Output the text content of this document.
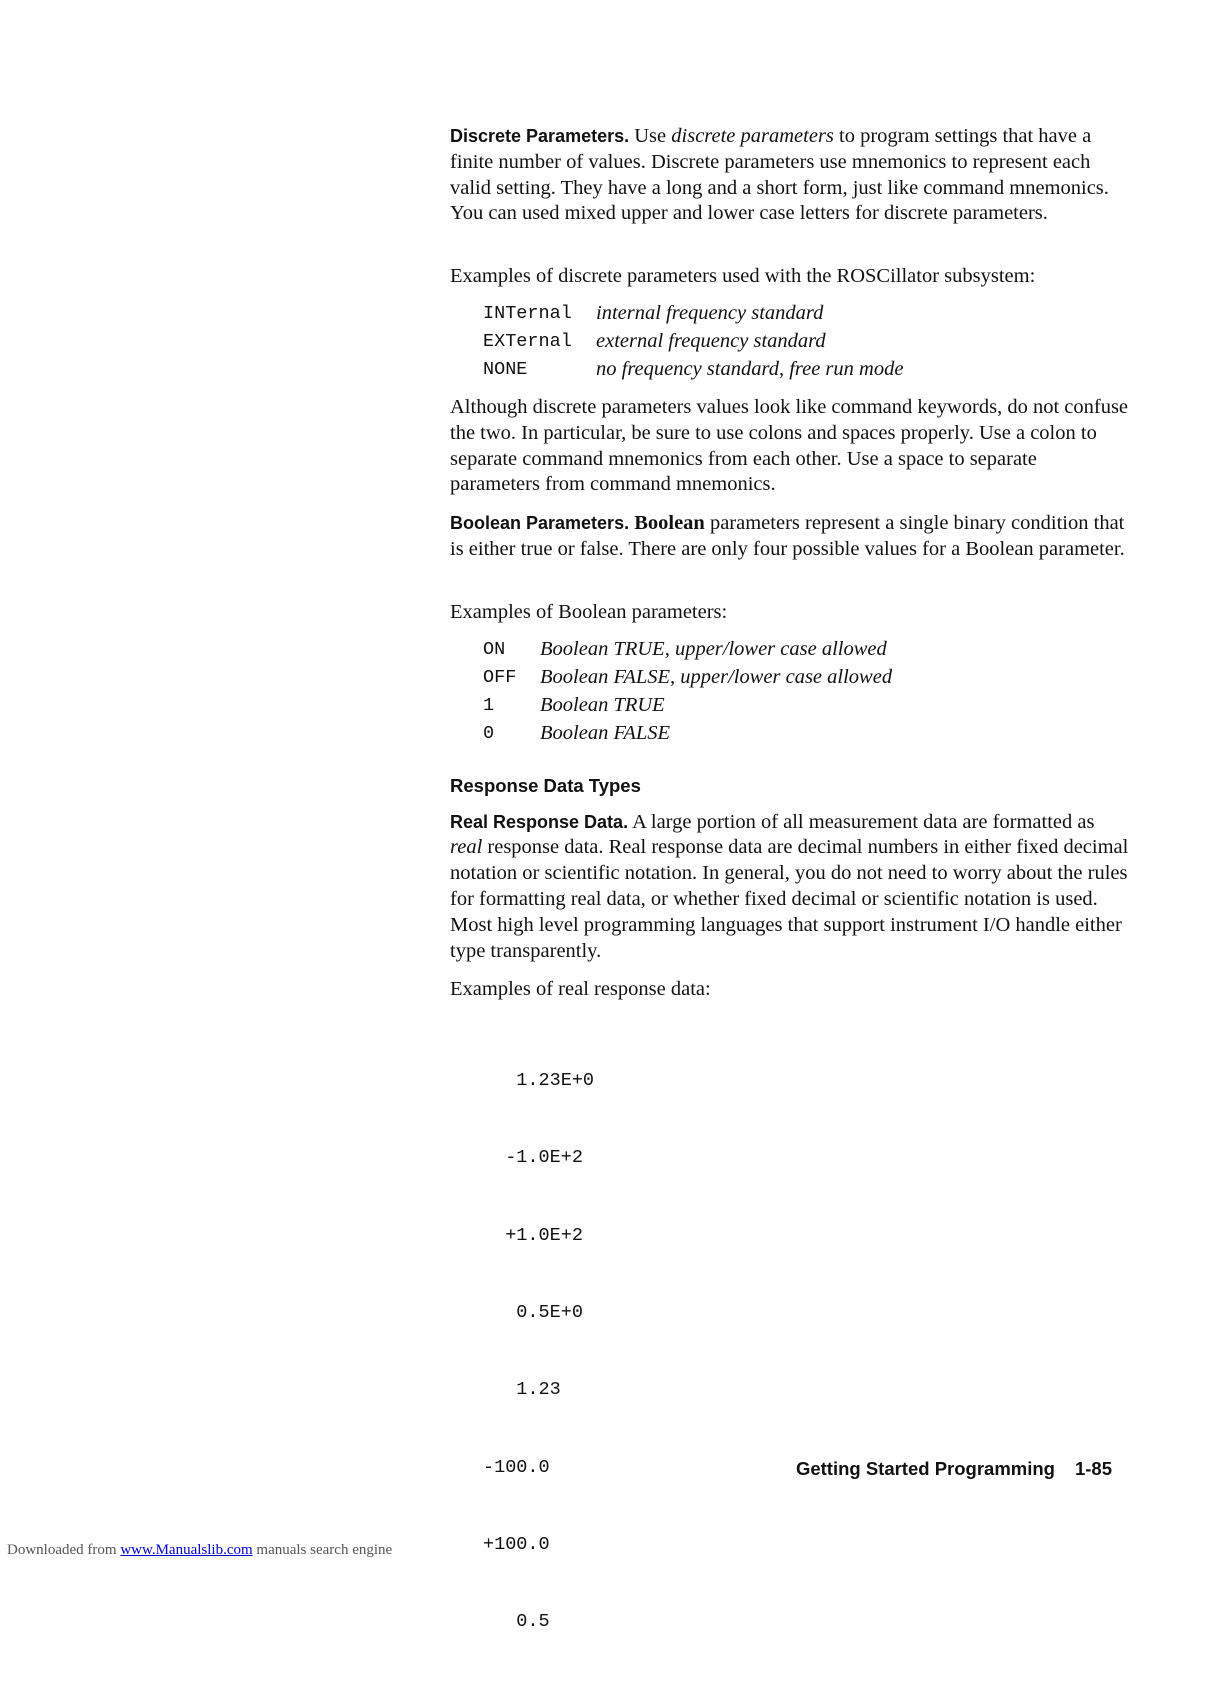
Discrete Parameters. Use discrete parameters to program settings that have a finite number of values. Discrete parameters use mnemonics to represent each valid setting. They have a long and a short form, just like command mnemonics. You can used mixed upper and lower case letters for discrete parameters.

Examples of discrete parameters used with the ROSCillator subsystem:

INTernal	internal frequency standard
EXTernal	external frequency standard
NONE	no frequency standard, free run mode

Although discrete parameters values look like command keywords, do not confuse the two. In particular, be sure to use colons and spaces properly. Use a colon to separate command mnemonics from each other. Use a space to separate parameters from command mnemonics.

Boolean Parameters. Boolean parameters represent a single binary condition that is either true or false. There are only four possible values for a Boolean parameter.

Examples of Boolean parameters:

ON	Boolean TRUE, upper/lower case allowed
OFF	Boolean FALSE, upper/lower case allowed
1	Boolean TRUE
0	Boolean FALSE
Response Data Types

Real Response Data. A large portion of all measurement data are formatted as real response data. Real response data are decimal numbers in either fixed decimal notation or scientific notation. In general, you do not need to worry about the rules for formatting real data, or whether fixed decimal or scientific notation is used. Most high level programming languages that support instrument I/O handle either type transparently.

Examples of real response data:

1.23E+0

-1.0E+2

+1.0E+2

0.5E+0

1.23

-100.0

+100.0

0.5

Getting Started Programming 1-85
Downloaded from www.Manualslib.com manuals search engine
